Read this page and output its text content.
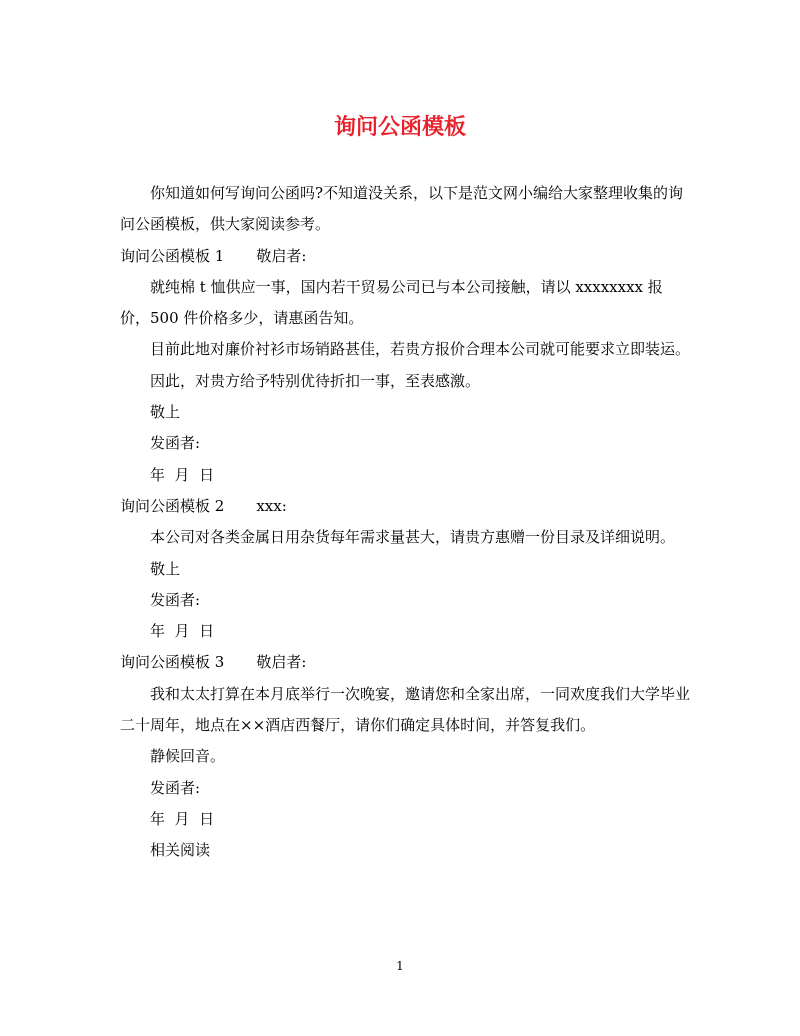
询问公函模板

你知道如何写询问公函吗?不知道没关系，以下是范文网小编给大家整理收集的询问公函模板，供大家阅读参考。

询问公函模板 1 敬启者:

就纯棉 t 恤供应一事，国内若干贸易公司已与本公司接触，请以 xxxxxxxx 报价，500 件价格多少，请惠函告知。

目前此地对廉价衬衫市场销路甚佳，若贵方报价合理本公司就可能要求立即装运。

因此，对贵方给予特别优待折扣一事，至表感激。

敬上

发函者:

年  月  日

询问公函模板 2 xxx:

本公司对各类金属日用杂货每年需求量甚大，请贵方惠赠一份目录及详细说明。

敬上

发函者:

年  月  日

询问公函模板 3 敬启者:

我和太太打算在本月底举行一次晚宴，邀请您和全家出席，一同欢度我们大学毕业二十周年，地点在××酒店西餐厅，请你们确定具体时间，并答复我们。

静候回音。

发函者:

年  月  日

相关阅读

1
